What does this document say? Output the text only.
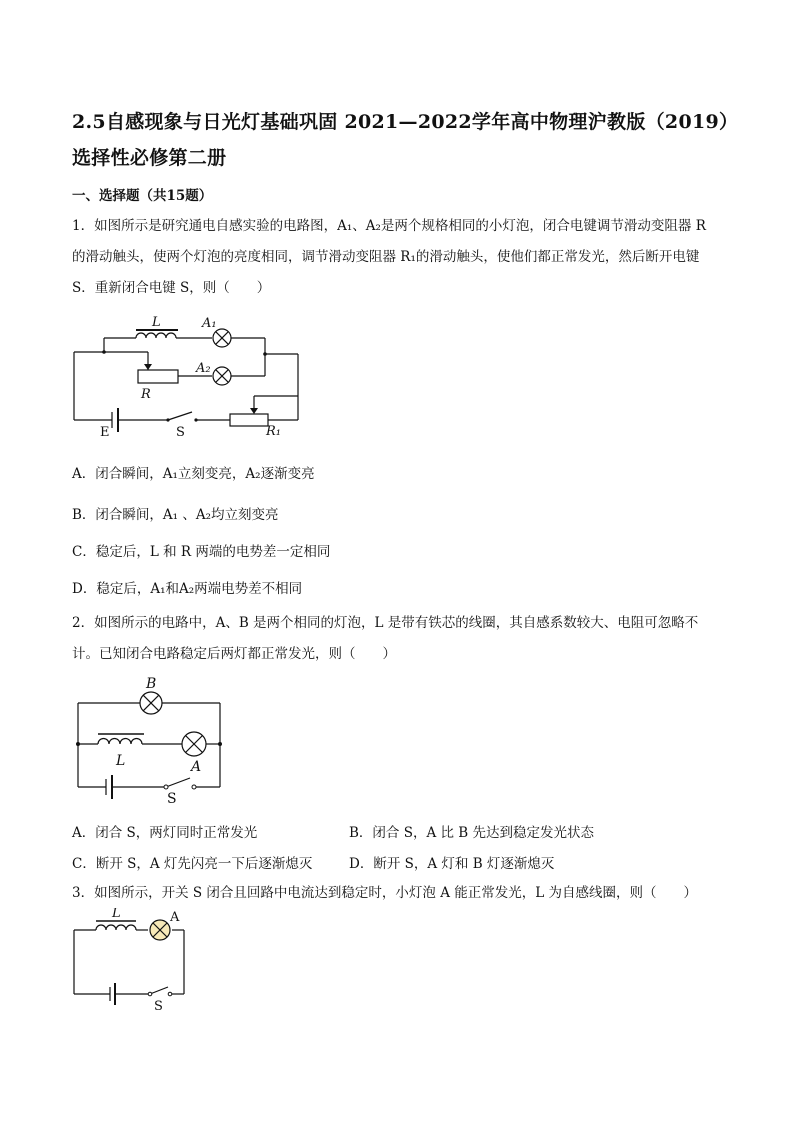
2.5自感现象与日光灯基础巩固 2021—2022学年高中物理沪教版（2019）
选择性必修第二册
一、选择题（共15题）
1．如图所示是研究通电自感实验的电路图，A₁、A₂是两个规格相同的小灯泡，闭合电键调节滑动变阻器 R
的滑动触头，使两个灯泡的亮度相同，调节滑动变阻器 R₁的滑动触头，使他们都正常发光，然后断开电键
S．重新闭合电键 S，则（　　）
L	A₁
A₂
R
R₁
E	S
A．闭合瞬间，A₁立刻变亮，A₂逐渐变亮
B．闭合瞬间，A₁ 、A₂均立刻变亮
C．稳定后，L 和 R 两端的电势差一定相同
D．稳定后，A₁和A₂两端电势差不相同
2．如图所示的电路中，A、B 是两个相同的灯泡，L 是带有铁芯的线圈，其自感系数较大、电阻可忽略不
计。已知闭合电路稳定后两灯都正常发光，则（　　）
B
L	A
S
A．闭合 S，两灯同时正常发光	B．闭合 S，A 比 B 先达到稳定发光状态
C．断开 S，A 灯先闪亮一下后逐渐熄灭	D．断开 S，A 灯和 B 灯逐渐熄灭
3．如图所示，开关 S 闭合且回路中电流达到稳定时，小灯泡 A 能正常发光，L 为自感线圈，则（　　）
L	A
S
